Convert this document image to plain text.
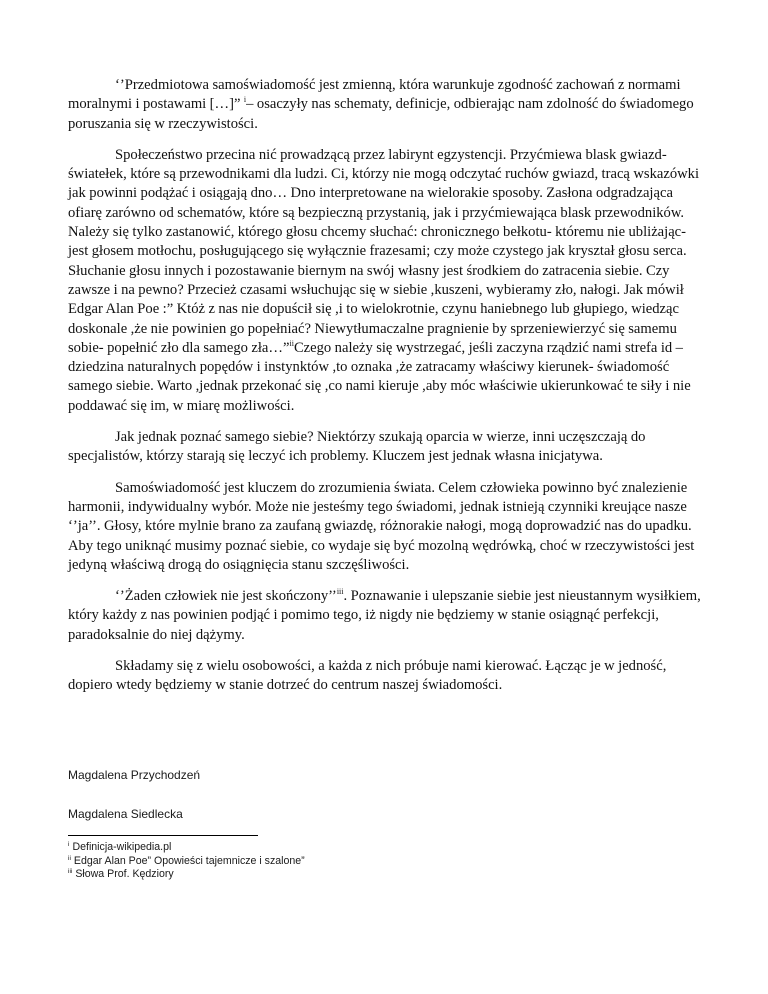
‘’Przedmiotowa samoświadomość jest zmienną, która warunkuje zgodność zachowań z normami moralnymi i postawami […]” $^i$– osaczyły nas schematy, definicje, odbierając nam zdolność do świadomego poruszania się w rzeczywistości.

Społeczeństwo przecina nić prowadzącą przez labirynt egzystencji. Przyćmiewa blask gwiazd- światełek, które są przewodnikami dla ludzi. Ci, którzy nie mogą odczytać ruchów gwiazd, tracą wskazówki jak powinni podążać i osiągają dno… Dno interpretowane na wielorakie sposoby. Zasłona odgradzająca ofiarę zarówno od schematów, które są bezpieczną przystanią, jak i przyćmiewająca blask przewodników. Należy się tylko zastanowić, którego głosu chcemy słuchać: chronicznego bełkotu- któremu nie ubliżając- jest głosem motłochu, posługującego się wyłącznie frazesami; czy może czystego jak kryształ głosu serca. Słuchanie głosu innych i pozostawanie biernym na swój własny jest środkiem do zatracenia siebie. Czy zawsze i na pewno? Przecież czasami wsłuchując się w siebie ,kuszeni, wybieramy zło, nałogi. Jak mówił Edgar Alan Poe :” Któż z nas nie dopuścił się ,i to wielokrotnie, czynu haniebnego lub głupiego, wiedząc doskonale ,że nie powinien go popełniać? Niewytłumaczalne pragnienie by sprzeniewierzyć się samemu sobie- popełnić zło dla samego zła…”$^{ii}$Czego należy się wystrzegać, jeśli zaczyna rządzić nami strefa id – dziedzina naturalnych popędów i instynktów ,to oznaka ,że zatracamy właściwy kierunek- świadomość samego siebie. Warto ,jednak przekonać się ,co nami kieruje ,aby móc właściwie ukierunkować te siły i nie poddawać się im, w miarę możliwości.

Jak jednak poznać samego siebie? Niektórzy szukają oparcia w wierze, inni uczęszczają do specjalistów, którzy starają się leczyć ich problemy. Kluczem jest jednak własna inicjatywa.

Samoświadomość jest kluczem do zrozumienia świata. Celem człowieka powinno być znalezienie harmonii, indywidualny wybór. Może nie jesteśmy tego świadomi, jednak istnieją czynniki kreujące nasze ‘’ja’’. Głosy, które mylnie brano za zaufaną gwiazdę, różnorakie nałogi, mogą doprowadzić nas do upadku. Aby tego uniknąć musimy poznać siebie, co wydaje się być mozolną wędrówką, choć w rzeczywistości jest jedyną właściwą drogą do osiągnięcia stanu szczęśliwości.

‘’Żaden człowiek nie jest skończony’’$^{iii}$. Poznawanie i ulepszanie siebie jest nieustannym wysiłkiem, który każdy z nas powinien podjąć i pomimo tego, iż nigdy nie będziemy w stanie osiągnąć perfekcji, paradoksalnie do niej dążymy.

Składamy się z wielu osobowości, a każda z nich próbuje nami kierować. Łącząc je w jedność, dopiero wtedy będziemy w stanie dotrzeć do centrum naszej świadomości.

Magdalena Przychodzeń

Magdalena Siedlecka

$^i$ Definicja-wikipedia.pl

$^{ii}$ Edgar Alan Poe” Opowieści tajemnicze i szalone”

$^{iii}$ Słowa Prof. Kędziory
